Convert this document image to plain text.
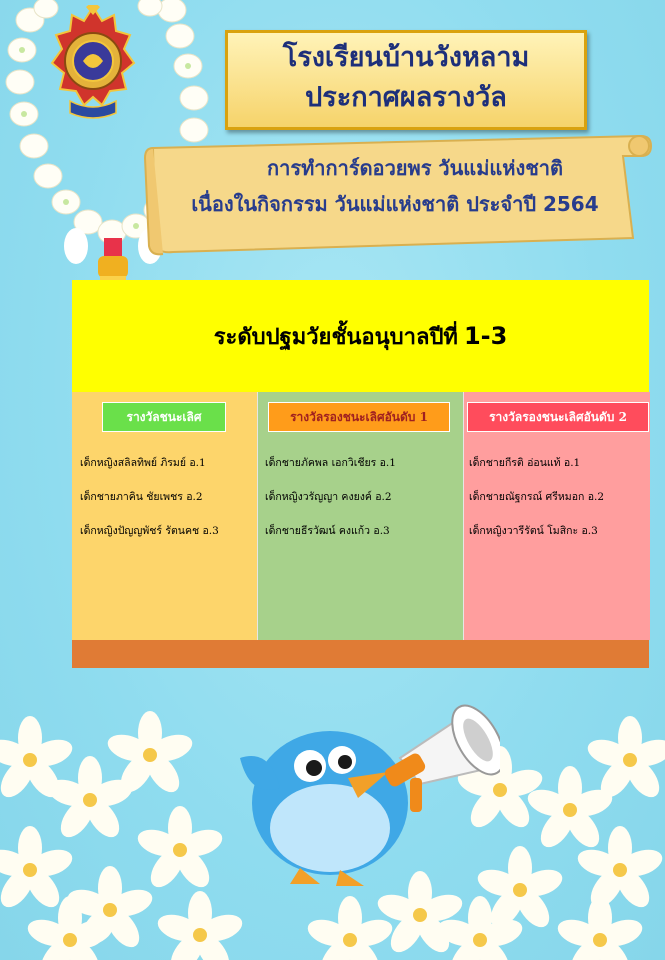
โรงเรียนบ้านวังหลาม
ประกาศผลรางวัล
การทำการ์ดอวยพร วันแม่แห่งชาติ
เนื่องในกิจกรรม วันแม่แห่งชาติ ประจำปี 2564
ระดับปฐมวัยชั้นอนุบาลปีที่ 1-3
รางวัลชนะเลิศ
เด็กหญิงสลิลทิพย์ ภิรมย์ อ.1
เด็กชายภาคิน ชัยเพชร อ.2
เด็กหญิงปัญญพัชร์ รัตนคช อ.3
รางวัลรองชนะเลิศอันดับ 1
เด็กชายภัคพล เอกวิเชียร อ.1
เด็กหญิงวรัญญา คงยงค์ อ.2
เด็กชายธีรวัฒน์ คงแก้ว อ.3
รางวัลรองชนะเลิศอันดับ 2
เด็กชายกีรติ อ่อนแท้ อ.1
เด็กชายณัฐกรณ์ ศรีหมอก อ.2
เด็กหญิงวารีรัตน์ โมสิกะ อ.3
